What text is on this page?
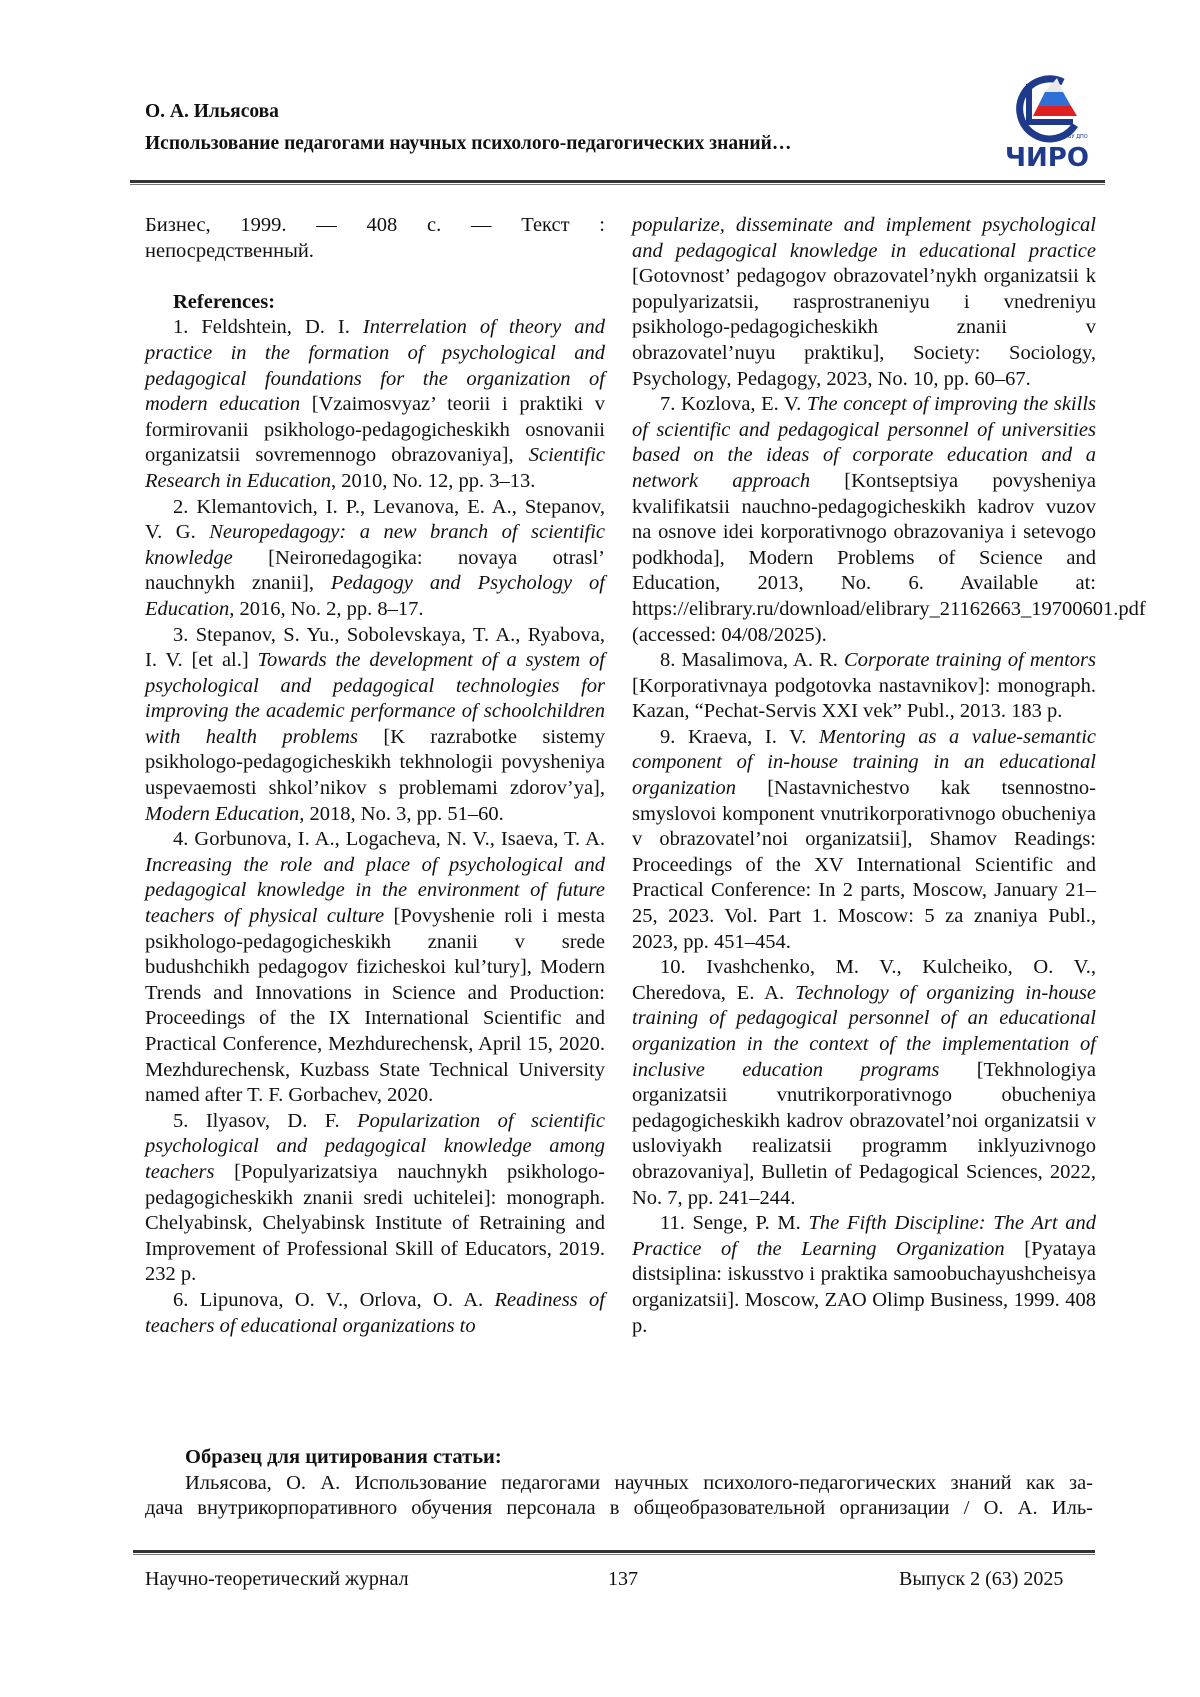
О. А. Ильясова
Использование педагогами научных психолого-педагогических знаний…	ГБУ ДПО
ЧИРО

Бизнес, 1999. — 408 с. — Текст : непосредственный.

References:

1. Feldshtein, D. I. Interrelation of theory and practice in the formation of psychological and pedagogical foundations for the organization of modern education [Vzaimosvyaz’ teorii i praktiki v formirovanii psikhologo-pedagogicheskikh osnovanii organizatsii sovremennogo obrazovaniya], Scientific Research in Education, 2010, No. 12, pp. 3–13.

2. Klemantovich, I. P., Levanova, E. A., Stepanov, V. G. Neuropedagogy: a new branch of scientific knowledge [Neiroпedagogika: novaya otrasl’ nauchnykh znanii], Pedagogy and Psychology of Education, 2016, No. 2, pp. 8–17.

3. Stepanov, S. Yu., Sobolevskaya, T. A., Ryabova, I. V. [et al.] Towards the development of a system of psychological and pedagogical technologies for improving the academic performance of schoolchildren with health problems [K razrabotke sistemy psikhologo-pedagogicheskikh tekhnologii povysheniya uspevaemosti shkol’nikov s problemami zdorov’ya], Modern Education, 2018, No. 3, pp. 51–60.

4. Gorbunova, I. A., Logacheva, N. V., Isaeva, T. A. Increasing the role and place of psychological and pedagogical knowledge in the environment of future teachers of physical culture [Povyshenie roli i mesta psikhologo-pedagogicheskikh znanii v srede budushchikh pedagogov fizicheskoi kul’tury], Modern Trends and Innovations in Science and Production: Proceedings of the IX International Scientific and Practical Conference, Mezhdurechensk, April 15, 2020. Mezhdurechensk, Kuzbass State Technical University named after T. F. Gorbachev, 2020.

5. Ilyasov, D. F. Popularization of scientific psychological and pedagogical knowledge among teachers [Populyarizatsiya nauchnykh psikhologo-pedagogicheskikh znanii sredi uchitelei]: monograph. Chelyabinsk, Chelyabinsk Institute of Retraining and Improvement of Professional Skill of Educators, 2019. 232 p.

6. Lipunova, O. V., Orlova, O. A. Readiness of teachers of educational organizations to

popularize, disseminate and implement psychological and pedagogical knowledge in educational practice [Gotovnost’ pedagogov obrazovatel’nykh organizatsii k populyarizatsii, rasprostraneniyu i vnedreniyu psikhologo-pedagogicheskikh znanii v obrazovatel’nuyu praktiku], Society: Sociology, Psychology, Pedagogy, 2023, No. 10, pp. 60–67.

7. Kozlova, E. V. The concept of improving the skills of scientific and pedagogical personnel of universities based on the ideas of corporate education and a network approach [Kontseptsiya povysheniya kvalifikatsii nauchno-pedagogicheskikh kadrov vuzov na osnove idei korporativnogo obrazovaniya i setevogo podkhoda], Modern Problems of Science and Education, 2013, No. 6. Available at: https://elibrary.ru/download/elibrary_21162663_19700601.pdf (accessed: 04/08/2025).

8. Masalimova, A. R. Corporate training of mentors [Korporativnaya podgotovka nastavnikov]: monograph. Kazan, “Pechat-Servis XXI vek” Publ., 2013. 183 p.

9. Kraeva, I. V. Mentoring as a value-semantic component of in-house training in an educational organization [Nastavnichestvo kak tsennostno-smyslovoi komponent vnutrikorporativnogo obucheniya v obrazovatel’noi organizatsii], Shamov Readings: Proceedings of the XV International Scientific and Practical Conference: In 2 parts, Moscow, January 21–25, 2023. Vol. Part 1. Moscow: 5 za znaniya Publ., 2023, pp. 451–454.

10. Ivashchenko, M. V., Kulcheiko, O. V., Cheredova, E. A. Technology of organizing in-house training of pedagogical personnel of an educational organization in the context of the implementation of inclusive education programs [Tekhnologiya organizatsii vnutrikorporativnogo obucheniya pedagogicheskikh kadrov obrazovatel’noi organizatsii v usloviyakh realizatsii programm inklyuzivnogo obrazovaniya], Bulletin of Pedagogical Sciences, 2022, No. 7, pp. 241–244.

11. Senge, P. M. The Fifth Discipline: The Art and Practice of the Learning Organization [Pyataya distsiplina: iskusstvo i praktika samoobuchayushcheisya organizatsii]. Moscow, ZAO Olimp Business, 1999. 408 p.

Образец для цитирования статьи:
Ильясова, О. А. Использование педагогами научных психолого-педагогических знаний как за-
дача внутрикорпоративного обучения персонала в общеобразовательной организации / О. А. Иль-
Научно-теоретический журнал	137	Выпуск 2 (63) 2025
